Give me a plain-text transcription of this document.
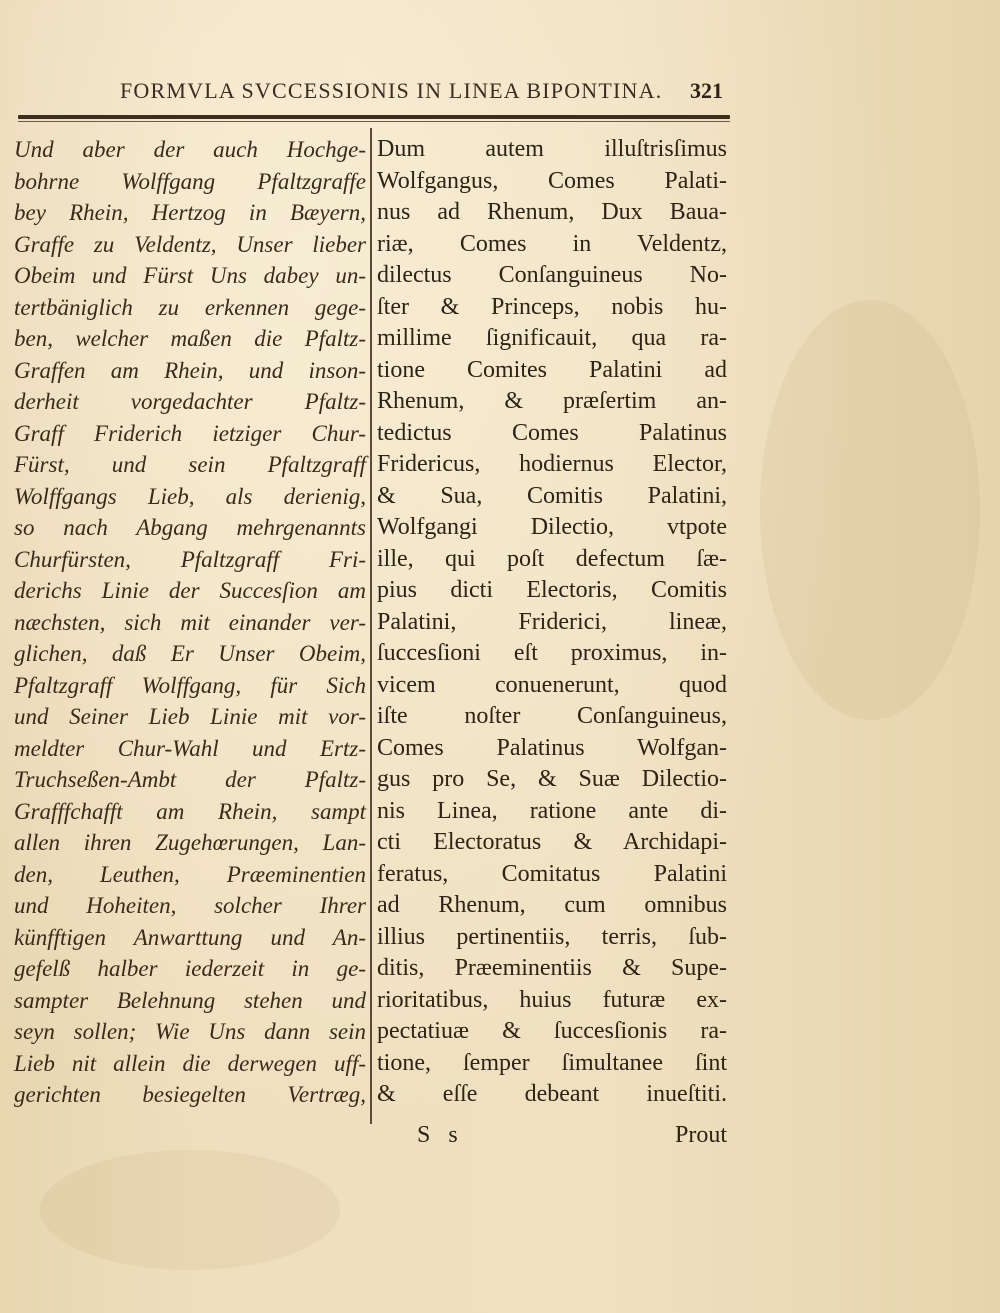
FORMVLA SVCCESSIONIS IN LINEA BIPONTINA. 321
Und aber der auch Hochge-
bohrne Wolffgang Pfaltzgraffe
bey Rhein, Hertzog in Bæyern,
Graffe zu Veldentz, Unser lieber
Obeim und Fürst Uns dabey un-
tertbäniglich zu erkennen gege-
ben, welcher maßen die Pfaltz-
Graffen am Rhein, und inson-
derheit vorgedachter Pfaltz-
Graff Friderich ietziger Chur-
Fürst, und sein Pfaltzgraff
Wolffgangs Lieb, als derienig,
so nach Abgang mehrgenannts
Churfürsten, Pfaltzgraff Fri-
derichs Linie der Succesſion am
næchsten, sich mit einander ver-
glichen, daß Er Unser Obeim,
Pfaltzgraff Wolffgang, für Sich
und Seiner Lieb Linie mit vor-
meldter Chur-Wahl und Ertz-
Truchseßen-Ambt der Pfaltz-
Grafffchafft am Rhein, sampt
allen ihren Zugehœrungen, Lan-
den, Leuthen, Præeminentien
und Hoheiten, solcher Ihrer
künfftigen Anwarttung und An-
gefelß halber iederzeit in ge-
sampter Belehnung stehen und
seyn sollen; Wie Uns dann sein
Lieb nit allein die derwegen uff-
gerichten besiegelten Vertræg,
Dum autem illuſtrisſimus
Wolfgangus, Comes Palati-
nus ad Rhenum, Dux Baua-
riæ, Comes in Veldentz,
dilectus Conſanguineus No-
ſter & Princeps, nobis hu-
millime ſignificauit, qua ra-
tione Comites Palatini ad
Rhenum, & præſertim an-
tedictus Comes Palatinus
Fridericus, hodiernus Elector,
& Sua, Comitis Palatini,
Wolfgangi Dilectio, vtpote
ille, qui poſt defectum ſæ-
pius dicti Electoris, Comitis
Palatini, Friderici, lineæ,
ſuccesſioni eſt proximus, in-
vicem conuenerunt, quod
iſte noſter Conſanguineus,
Comes Palatinus Wolfgan-
gus pro Se, & Suæ Dilectio-
nis Linea, ratione ante di-
cti Electoratus & Archidapi-
feratus, Comitatus Palatini
ad Rhenum, cum omnibus
illius pertinentiis, terris, ſub-
ditis, Præeminentiis & Supe-
rioritatibus, huius futuræ ex-
pectatiuæ & ſuccesſionis ra-
tione, ſemper ſimultanee ſint
& eſſe debeant inueſtiti.
S s	Prout
